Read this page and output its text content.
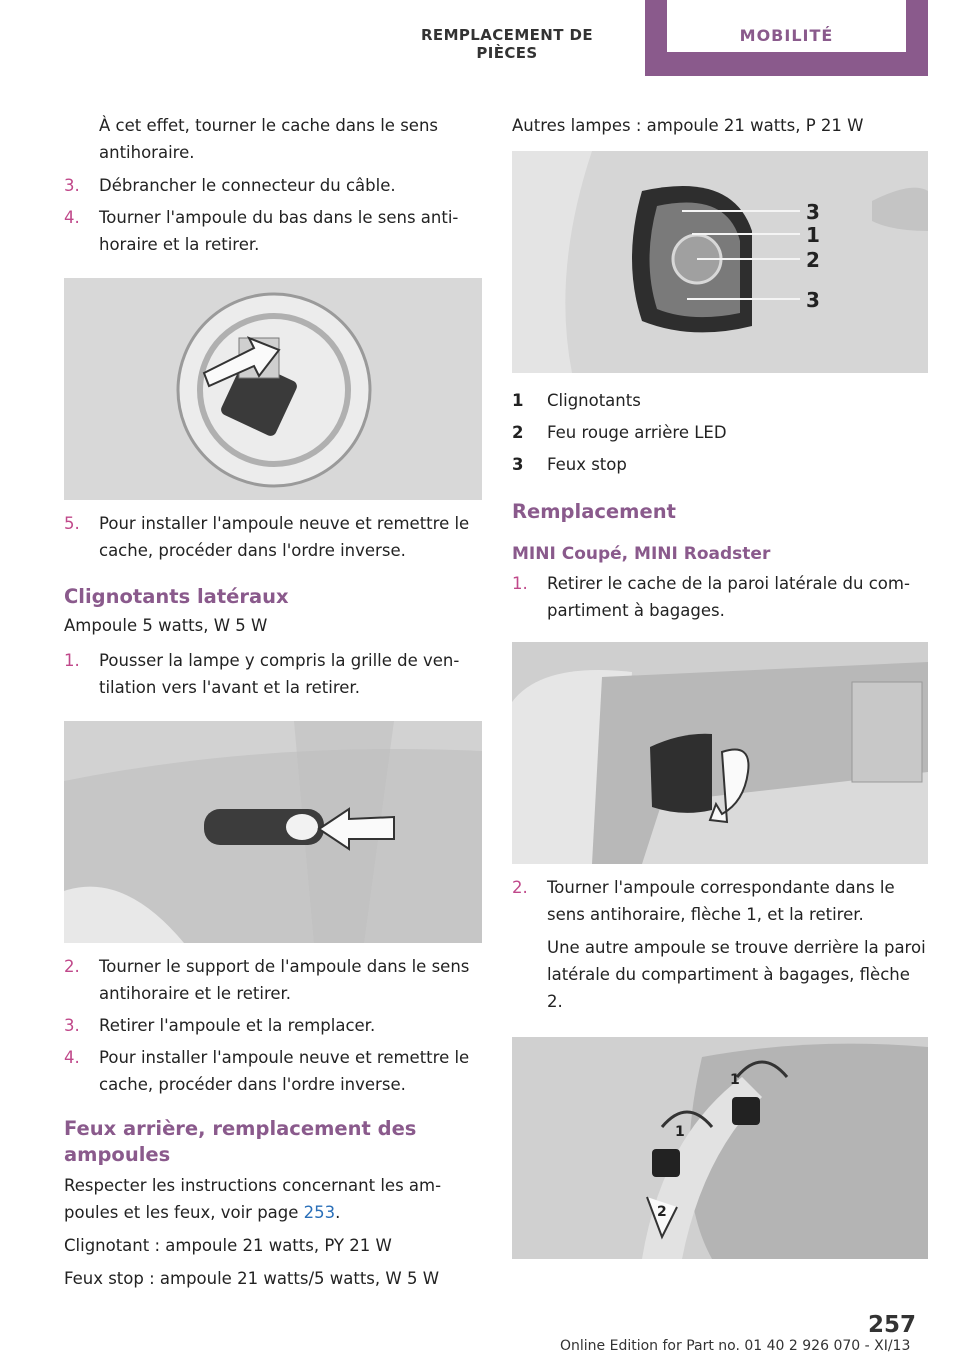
REMPLACEMENT DE PIÈCES
MOBILITÉ

À cet effet, tourner le cache dans le sens antihoraire.

3. Débrancher le connecteur du câble.

4. Tourner l'ampoule du bas dans le sens antihoraire et la retirer.

5. Pour installer l'ampoule neuve et remettre le cache, procéder dans l'ordre inverse.

Clignotants latéraux

Ampoule 5 watts, W 5 W

1. Pousser la lampe y compris la grille de ventilation vers l'avant et la retirer.

2. Tourner le support de l'ampoule dans le sens antihoraire et le retirer.

3. Retirer l'ampoule et la remplacer.

4. Pour installer l'ampoule neuve et remettre le cache, procéder dans l'ordre inverse.

Feux arrière, remplacement des ampoules

Respecter les instructions concernant les ampoules et les feux, voir page 253.

Clignotant : ampoule 21 watts, PY 21 W

Feux stop : ampoule 21 watts/5 watts, W 5 W

Autres lampes : ampoule 21 watts, P 21 W

3
1
2
3
1 Clignotants
2 Feu rouge arrière LED
3 Feux stop

Remplacement

MINI Coupé, MINI Roadster

1. Retirer le cache de la paroi latérale du compartiment à bagages.

2. Tourner l'ampoule correspondante dans le sens antihoraire, flèche 1, et la retirer.

Une autre ampoule se trouve derrière la paroi latérale du compartiment à bagages, flèche 2.

1
1
2
257
Online Edition for Part no. 01 40 2 926 070 - XI/13
